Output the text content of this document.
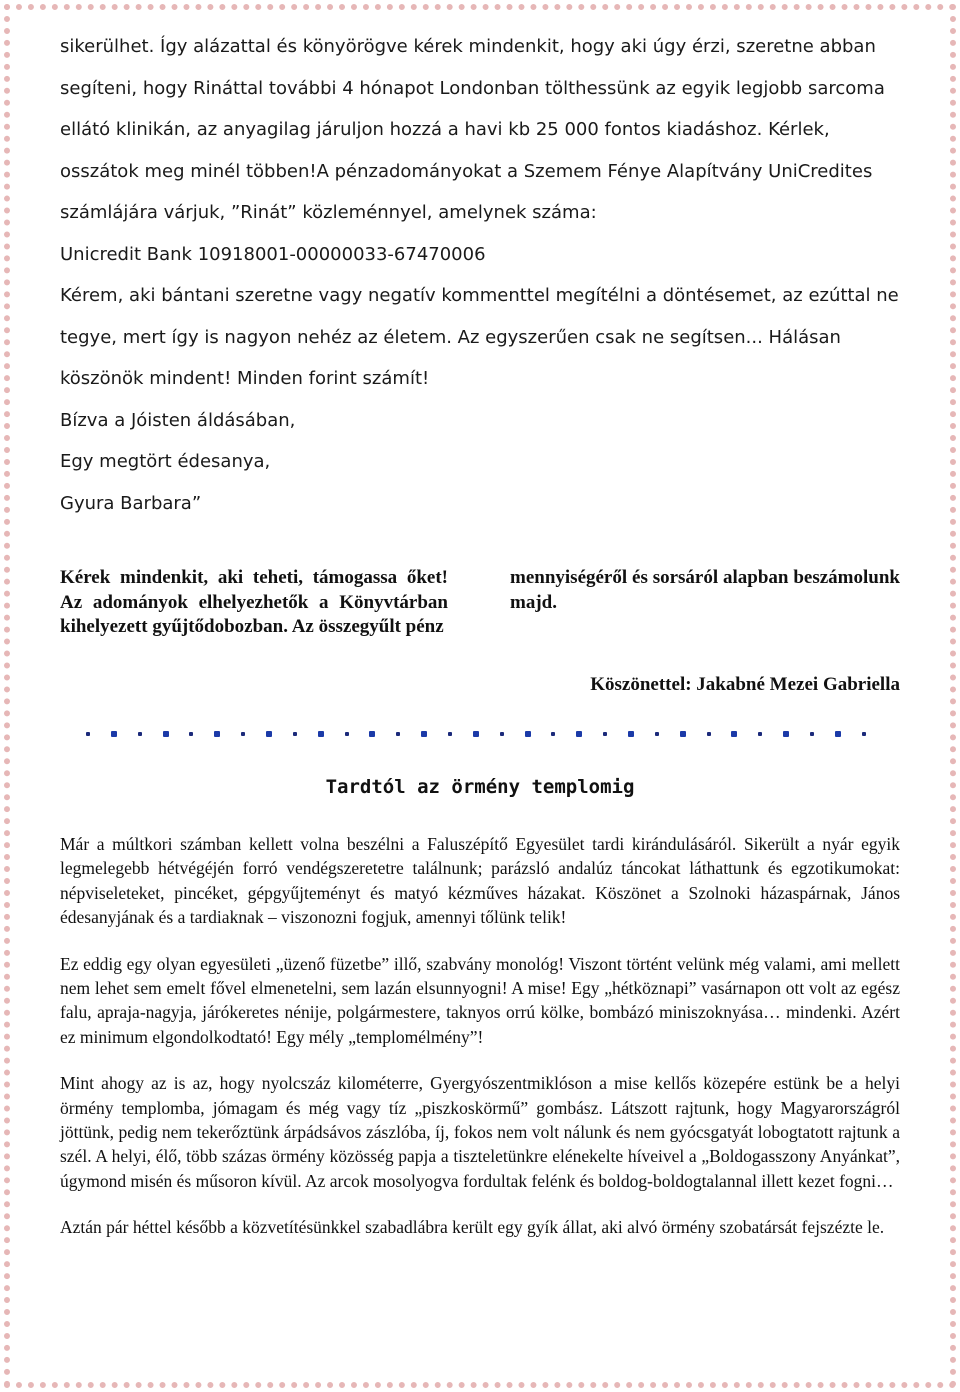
sikerülhet. Így alázattal és könyörögve kérek mindenkit, hogy aki úgy érzi, szeretne abban segíteni, hogy Rináttal további 4 hónapot Londonban tölthessünk az egyik legjobb sarcoma ellátó klinikán, az anyagilag járuljon hozzá a havi kb 25 000 fontos kiadáshoz. Kérlek, osszátok meg minél többen!A pénzadományokat a Szemem Fénye Alapítvány UniCredites számlájára várjuk, ”Rinát” közleménnyel, amelynek száma:

Unicredit Bank 10918001-00000033-67470006

Kérem, aki bántani szeretne vagy negatív kommenttel megítélni a döntésemet, az ezúttal ne tegye, mert így is nagyon nehéz az életem. Az egyszerűen csak ne segítsen... Hálásan köszönök mindent! Minden forint számít!

Bízva a Jóisten áldásában,

Egy megtört édesanya,

Gyura Barbara”

Kérek mindenkit, aki teheti, támogassa őket! Az adományok elhelyezhetők a Könyvtárban kihelyezett gyűjtődobozban. Az összegyűlt pénz
mennyiségéről és sorsáról alapban beszámolunk majd.
Köszönettel: Jakabné Mezei Gabriella
Tardtól az örmény templomig

Már a múltkori számban kellett volna beszélni a Faluszépítő Egyesület tardi kirándulásáról. Sikerült a nyár egyik legmelegebb hétvégéjén forró vendégszeretetre találnunk; parázsló andalúz táncokat láthattunk és egzotikumokat: népviseleteket, pincéket, gépgyűjteményt és matyó kézműves házakat. Köszönet a Szolnoki házaspárnak, János édesanyjának és a tardiaknak – viszonozni fogjuk, amennyi tőlünk telik!

Ez eddig egy olyan egyesületi „üzenő füzetbe” illő, szabvány monológ! Viszont történt velünk még valami, ami mellett nem lehet sem emelt fővel elmenetelni, sem lazán elsunnyogni! A mise! Egy „hétköznapi” vasárnapon ott volt az egész falu, apraja-nagyja, járókeretes nénije, polgármestere, taknyos orrú kölke, bombázó miniszoknyása… mindenki. Azért ez minimum elgondolkodtató! Egy mély „templomélmény”!

Mint ahogy az is az, hogy nyolcszáz kilométerre, Gyergyószentmiklóson a mise kellős közepére estünk be a helyi örmény templomba, jómagam és még vagy tíz „piszkoskörmű” gombász. Látszott rajtunk, hogy Magyarországról jöttünk, pedig nem tekerőztünk árpádsávos zászlóba, íj, fokos nem volt nálunk és nem gyócsgatyát lobogtatott rajtunk a szél. A helyi, élő, több százas örmény közösség papja a tiszteletünkre elénekelte híveivel a „Boldogasszony Anyánkat”, úgymond misén és műsoron kívül. Az arcok mosolyogva fordultak felénk és boldog-boldogtalannal illett kezet fogni…

Aztán pár héttel később a közvetítésünkkel szabadlábra került egy gyík állat, aki alvó örmény szobatársát fejszézte le.
